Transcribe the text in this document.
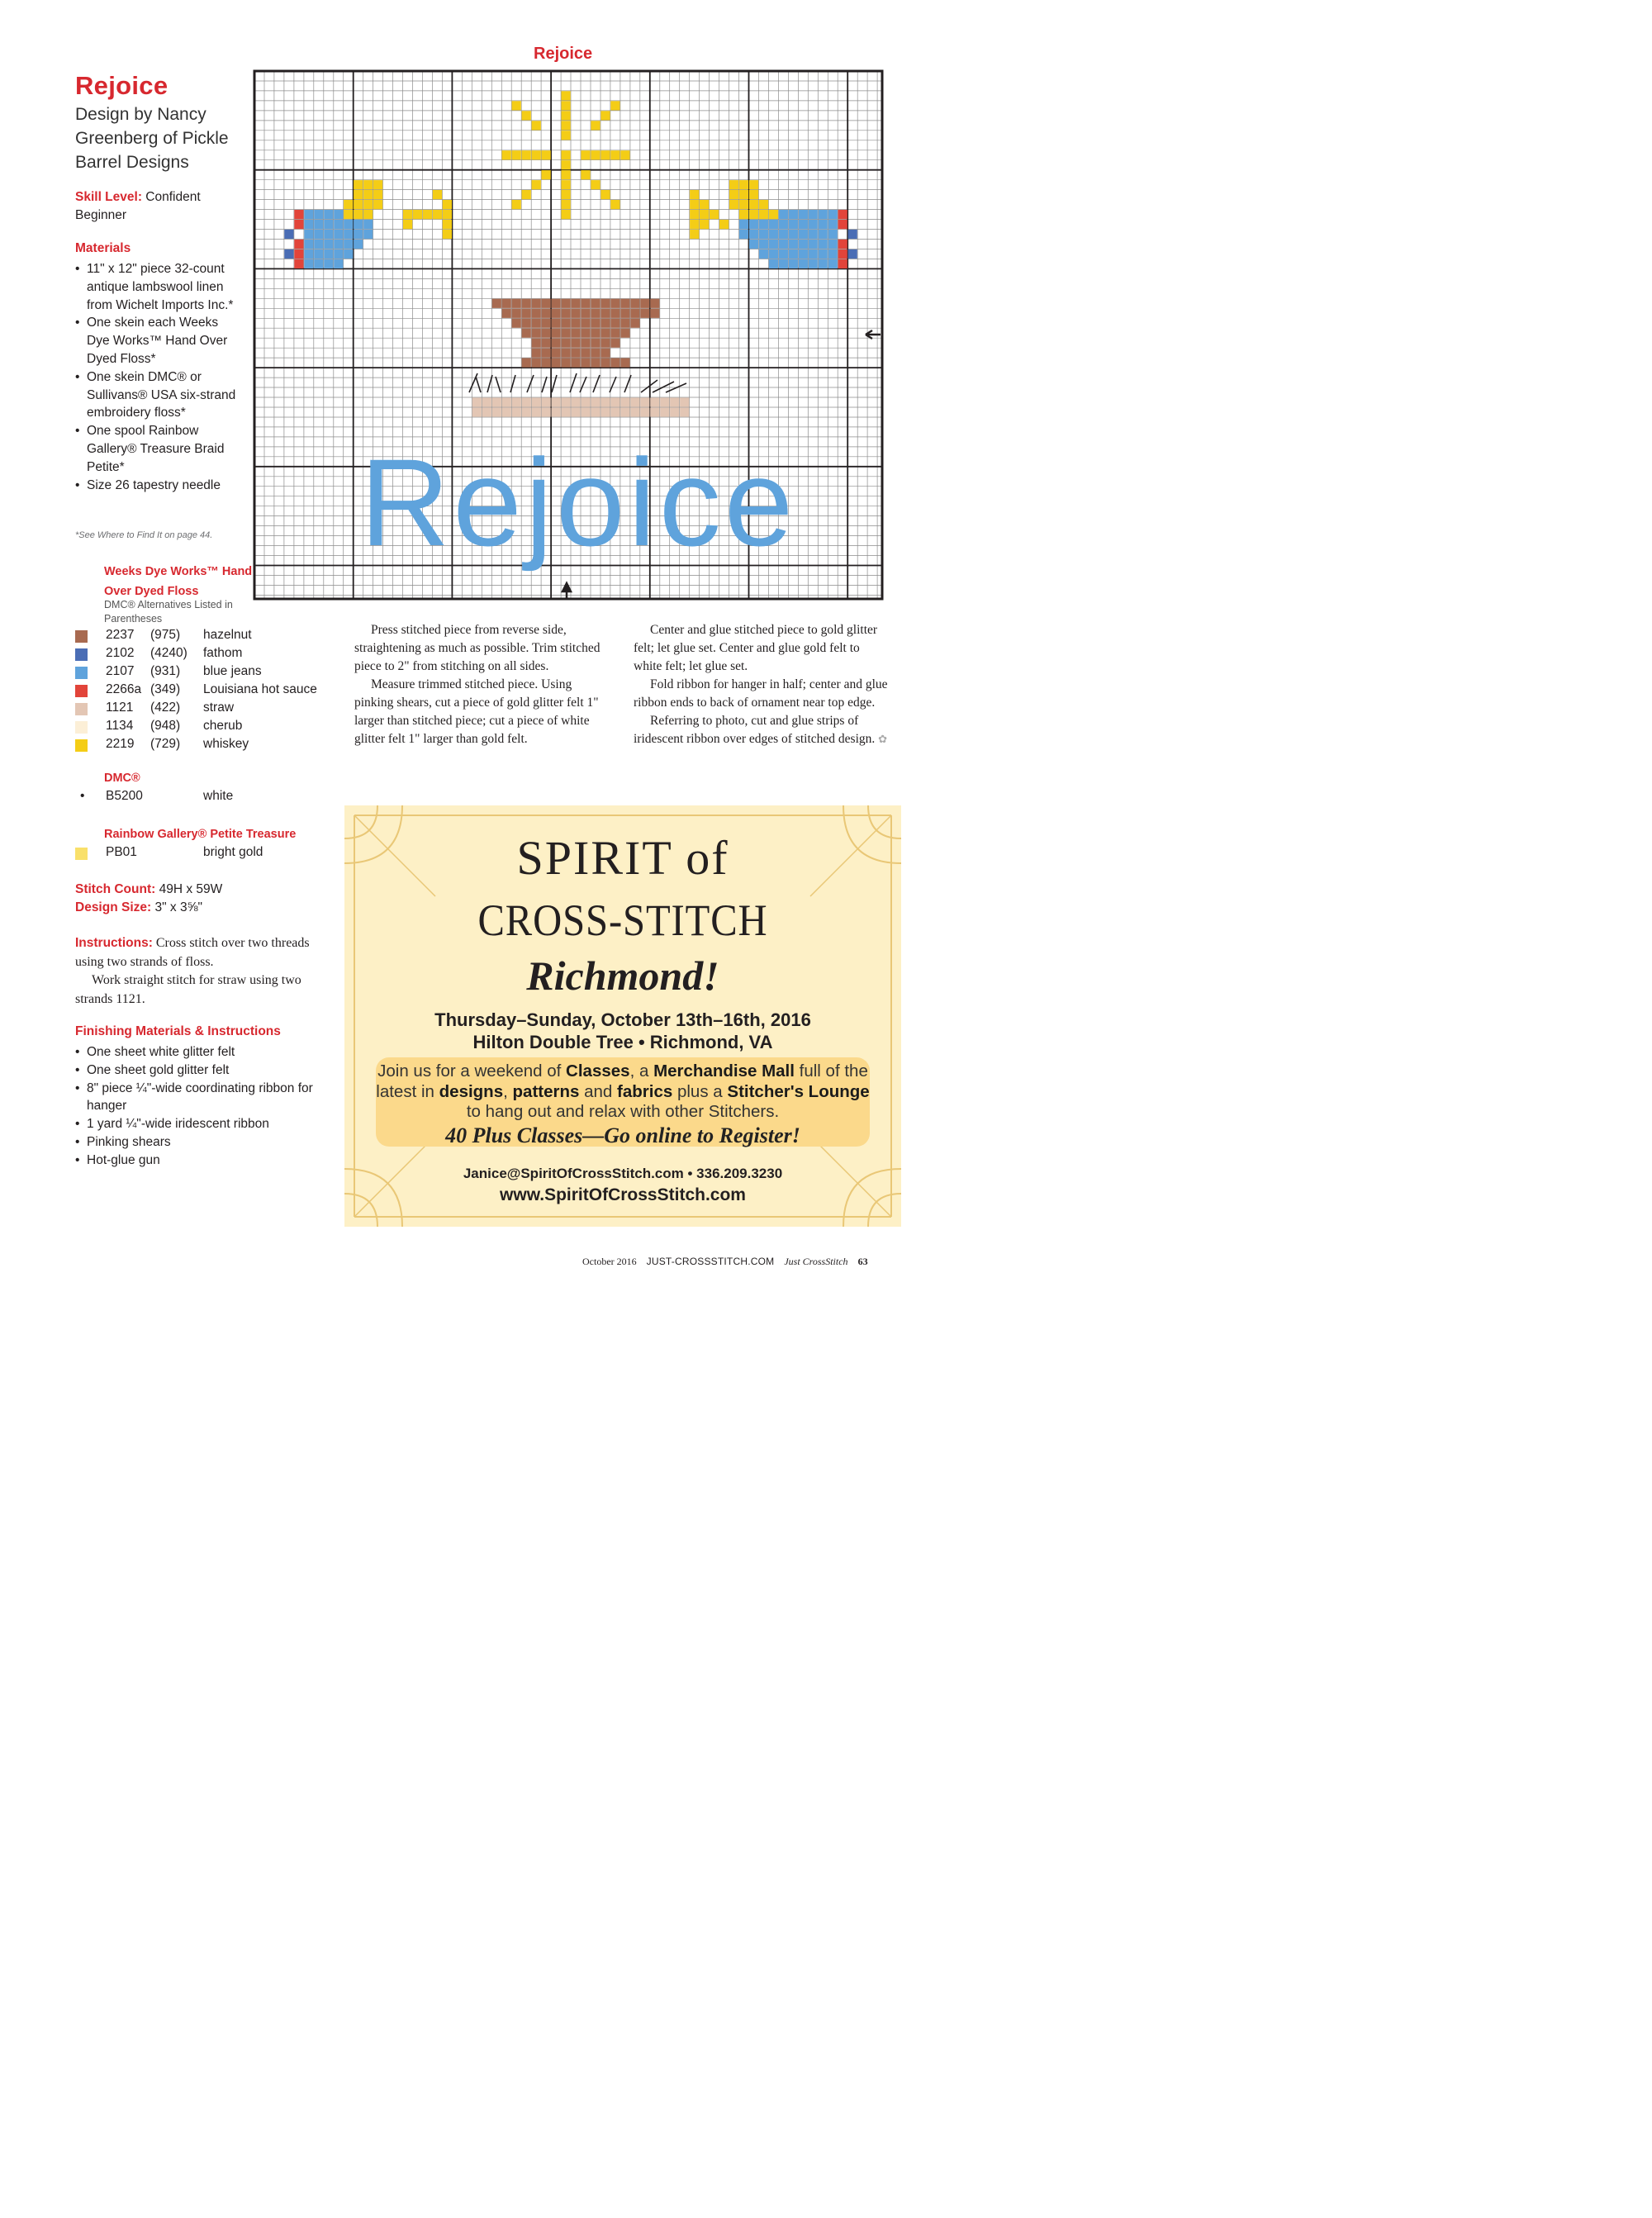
Rejoice
Design by Nancy Greenberg of Pickle Barrel Designs
Skill Level: Confident Beginner
Materials
• 11" x 12" piece 32-count antique lambswool linen from Wichelt Imports Inc.*
• One skein each Weeks Dye Works™ Hand Over Dyed Floss*
• One skein DMC® or Sullivans® USA six-strand embroidery floss*
• One spool Rainbow Gallery® Treasure Braid Petite*
• Size 26 tapestry needle
*See Where to Find It on page 44.
Weeks Dye Works™ Hand Over Dyed Floss
DMC® Alternatives Listed in Parentheses
2237 (975) hazelnut
2102 (4240) fathom
2107 (931) blue jeans
2266a (349) Louisiana hot sauce
1121 (422) straw
1134 (948) cherub
2219 (729) whiskey
DMC®
• B5200	white
Rainbow Gallery® Petite Treasure
PB01	bright gold
Stitch Count: 49H x 59W
Design Size: 3" x 3⅝"
Instructions: Cross stitch over two threads using two strands of floss.
Work straight stitch for straw using two strands 1121.
Finishing Materials & Instructions
• One sheet white glitter felt
• One sheet gold glitter felt
• 8" piece ¼"-wide coordinating ribbon for hanger
• 1 yard ¼"-wide iridescent ribbon
• Pinking shears
• Hot-glue gun
Rejoice
Rejoice

Press stitched piece from reverse side, straightening as much as possible. Trim stitched piece to 2" from stitching on all sides.

Measure trimmed stitched piece. Using pinking shears, cut a piece of gold glitter felt 1" larger than stitched piece; cut a piece of white glitter felt 1" larger than gold felt.

Center and glue stitched piece to gold glitter felt; let glue set. Center and glue gold felt to white felt; let glue set.

Fold ribbon for hanger in half; center and glue ribbon ends to back of ornament near top edge.

Referring to photo, cut and glue strips of iridescent ribbon over edges of stitched design. ✿

SPIRIT of
CROSS-STITCH
Richmond!
Thursday–Sunday, October 13th–16th, 2016
Hilton Double Tree • Richmond, VA
Join us for a weekend of Classes, a Merchandise Mall full of the latest in designs, patterns and fabrics plus a Stitcher's Lounge to hang out and relax with other Stitchers.
40 Plus Classes—Go online to Register!
Janice@SpiritOfCrossStitch.com • 336.209.3230
www.SpiritOfCrossStitch.com
October 2016 JUST-CROSSSTITCH.COM Just CrossStitch 63
